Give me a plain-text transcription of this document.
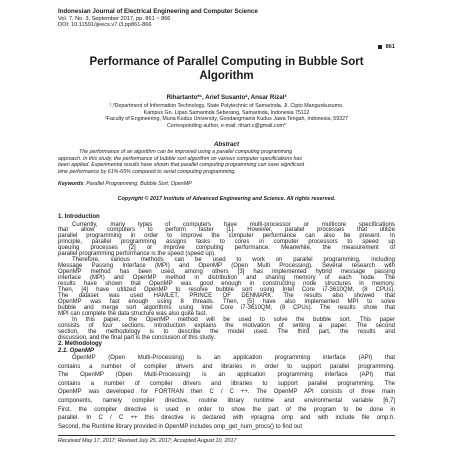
Indonesian Journal of Electrical Engineering and Computer Science
Vol. 7, No. 3, September 2017, pp. 861 ~ 866
DOI: 10.11591/ijeecs.v7.i3.pp861-866
861
Performance of Parallel Computing in Bubble Sort
Algorithm
Rihartanto*¹, Arief Susanto², Ansar Rizal³
¹,³Department of Information Technology, State Polytechnic of Samarinda, Jl. Cipto Mangunkusumo,
Kampus Gn. Lipan Samarinda Seberang, Samarinda, Indonesia 75112
²Faculty of Engineering, Muria Kudus University, Gondangmanis Kudus Jawa Tengah, Indonesia, 59327
Corresponding author, e-mail: rihart.c@gmail.com*
Abstract
The performance of an algorithm can be improved using a parallel computing programming
approach. In this study, the performance of bubble sort algorithm on various computer specifications has
been applied. Experimental results have shown that parallel computing programming can save significant
time performance by 61%-65% compared to serial computing programming.
Keywords: Parallel Programming; Bubble Sort; OpenMP
Copyright © 2017 Institute of Advanced Engineering and Science. All rights reserved.
1. Introduction
Currently, many types of computers have multi-processor or multicore specifications
that allow computers to perform faster [1]. However, parallel processes that utilize
parallel programming in order to improve the computer performance can also be present. In
principle, parallel programming assigns tasks to cores in computer processors to speed up
queuing processes [2] or improve computing performance. Meanwhile, the measurement of
parallel programming performance is the speed (speed up).
Therefore, various methods can be used to work on parallel programming, including
Message Passing Interface (MPI) and OpenMP (Open Multi Processing). Several research with
OpenMP method has been used, among others [3] has implemented hybrid message passing
interface (MPI) and OpenMP method in distribution and sharing memory of each node. The
results have shown that OpenMP was good enough in constructing node structures in memory.
Then, [4] have utilized OpenMP to resolve bubble sort using Intel Core i7-3610QM, (8 CPUs).
The dataset was used HAMLET, PRINCE OF DENMARK. The results also showed that
OpenMP was fast enough using 8 threads. Then, [5] have also implemented MPI to solve
bubble and merge sort algorithms using Intel Core i7-3610QM, (8 CPUs). The results show that
MPI can complete the data structure was also quite fast.
In this paper, the OpenMP method will be used to solve the bubble sort. This paper
consists of four sections. Introduction explains the motivation of writing a paper. The second
section, the methodology is to describe the model used. The third part, the results and
discussion, and the final part is the conclusion of this study.
2. Methodology
2.1. OpenMP
OpenMP (Open Multi-Processing) is an application programming interface (API) that
contains a number of compiler drivers and libraries in order to support parallel programming.
The OpenMP (Open Multi-Processing) is an application programming interface (API) that
contains a number of compiler drivers and libraries to support parallel programming. The
OpenMP was developed for FORTRAN then C / C ++. The OpenMP API consists of three main
components, namely compiler directive, routine library runtime and environmental variable [6,7]
First, the compiler directive is used in order to show the part of the program to be done in
parallel. In C / C ++ this directive is declared with #pragma omp and with include file omp.h.
Second, the Runtime library provided in OpenMP includes omp_get_num_procs() to find out
Received May 17, 2017; Revised July 25, 2017; Accepted August 10, 2017
